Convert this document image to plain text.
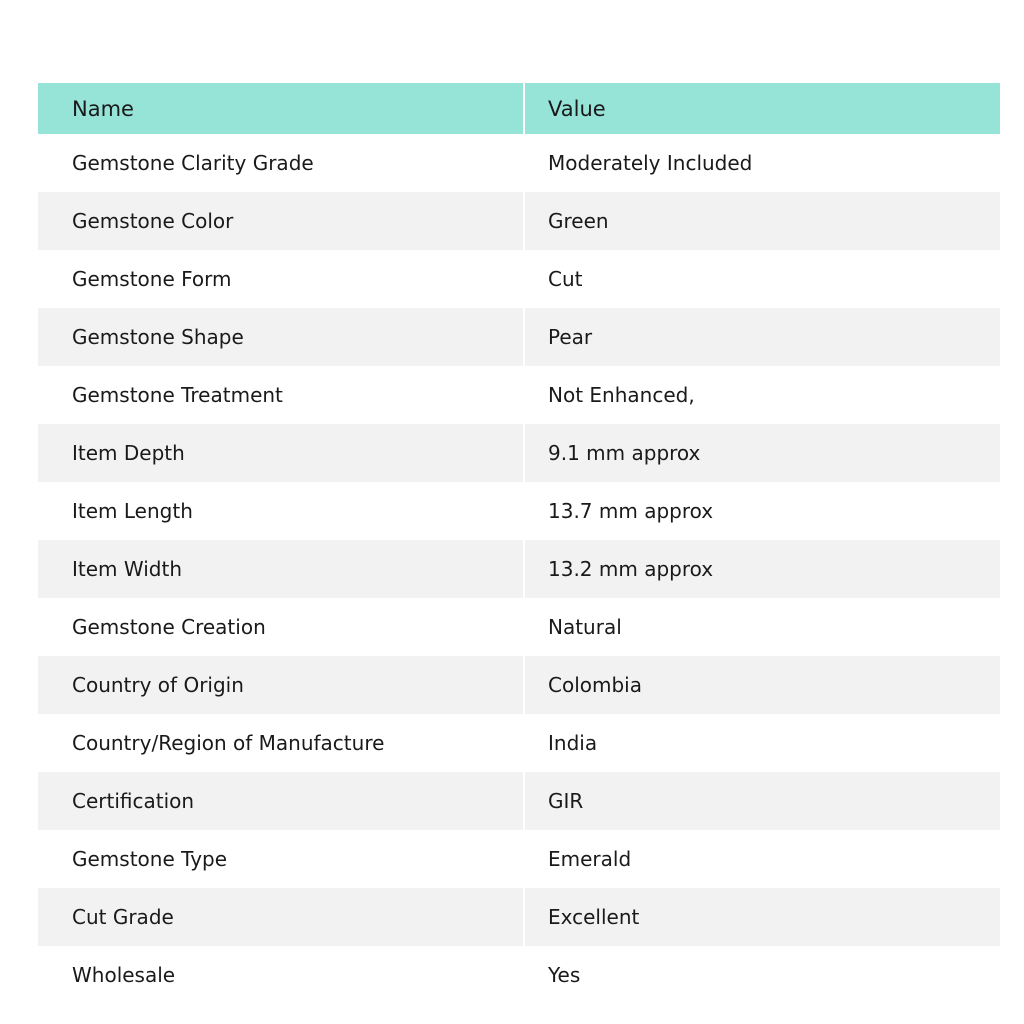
Name	Value
Gemstone Clarity Grade	Moderately Included
Gemstone Color	Green
Gemstone Form	Cut
Gemstone Shape	Pear
Gemstone Treatment	Not Enhanced,
Item Depth	9.1 mm approx
Item Length	13.7 mm approx
Item Width	13.2 mm approx
Gemstone Creation	Natural
Country of Origin	Colombia
Country/Region of Manufacture	India
Certification	GIR
Gemstone Type	Emerald
Cut Grade	Excellent
Wholesale	Yes
